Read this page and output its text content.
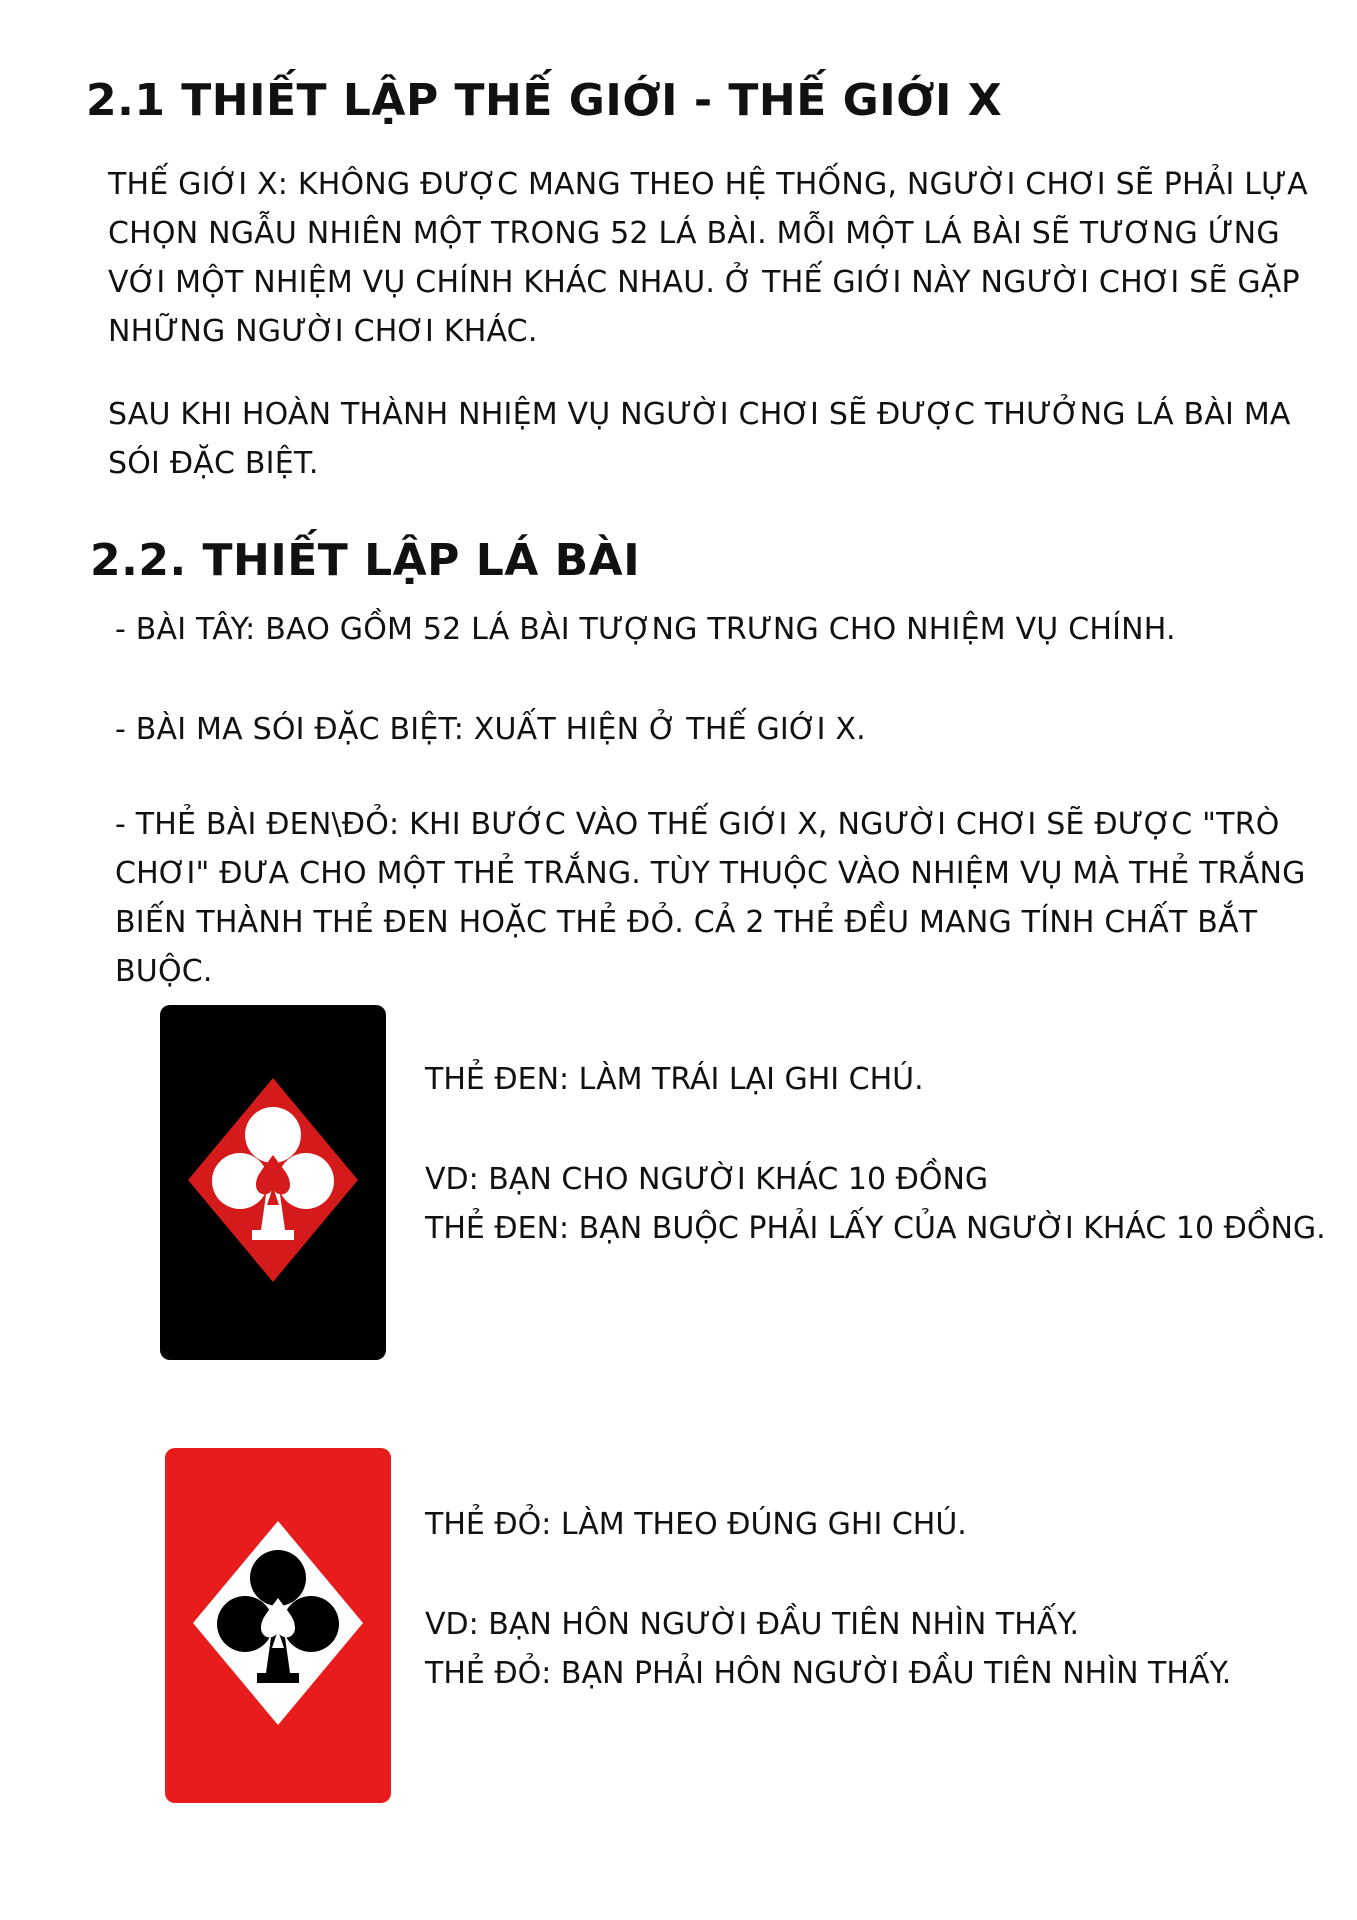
2.1 THIẾT LẬP THẾ GIỚI - THẾ GIỚI X

THẾ GIỚI X: KHÔNG ĐƯỢC MANG THEO HỆ THỐNG, NGƯỜI CHƠI SẼ PHẢI LỰA CHỌN NGẪU NHIÊN MỘT TRONG 52 LÁ BÀI. MỖI MỘT LÁ BÀI SẼ TƯƠNG ỨNG VỚI MỘT NHIỆM VỤ CHÍNH KHÁC NHAU. Ở THẾ GIỚI NÀY NGƯỜI CHƠI SẼ GẶP NHỮNG NGƯỜI CHƠI KHÁC.

SAU KHI HOÀN THÀNH NHIỆM VỤ NGƯỜI CHƠI SẼ ĐƯỢC THƯỞNG LÁ BÀI MA SÓI ĐẶC BIỆT.

2.2. THIẾT LẬP LÁ BÀI

- BÀI TÂY: BAO GỒM 52 LÁ BÀI TƯỢNG TRƯNG CHO NHIỆM VỤ CHÍNH.

- BÀI MA SÓI ĐẶC BIỆT: XUẤT HIỆN Ở THẾ GIỚI X.

- THẺ BÀI ĐEN\ĐỎ: KHI BƯỚC VÀO THẾ GIỚI X, NGƯỜI CHƠI SẼ ĐƯỢC "TRÒ CHƠI" ĐƯA CHO MỘT THẺ TRẮNG. TÙY THUỘC VÀO NHIỆM VỤ MÀ THẺ TRẮNG BIẾN THÀNH THẺ ĐEN HOẶC THẺ ĐỎ. CẢ 2 THẺ ĐỀU MANG TÍNH CHẤT BẮT BUỘC.

THẺ ĐEN: LÀM TRÁI LẠI GHI CHÚ.

VD: BẠN CHO NGƯỜI KHÁC 10 ĐỒNG

THẺ ĐEN: BẠN BUỘC PHẢI LẤY CỦA NGƯỜI KHÁC 10 ĐỒNG.

THẺ ĐỎ: LÀM THEO ĐÚNG GHI CHÚ.

VD: BẠN HÔN NGƯỜI ĐẦU TIÊN NHÌN THẤY.

THẺ ĐỎ: BẠN PHẢI HÔN NGƯỜI ĐẦU TIÊN NHÌN THẤY.
